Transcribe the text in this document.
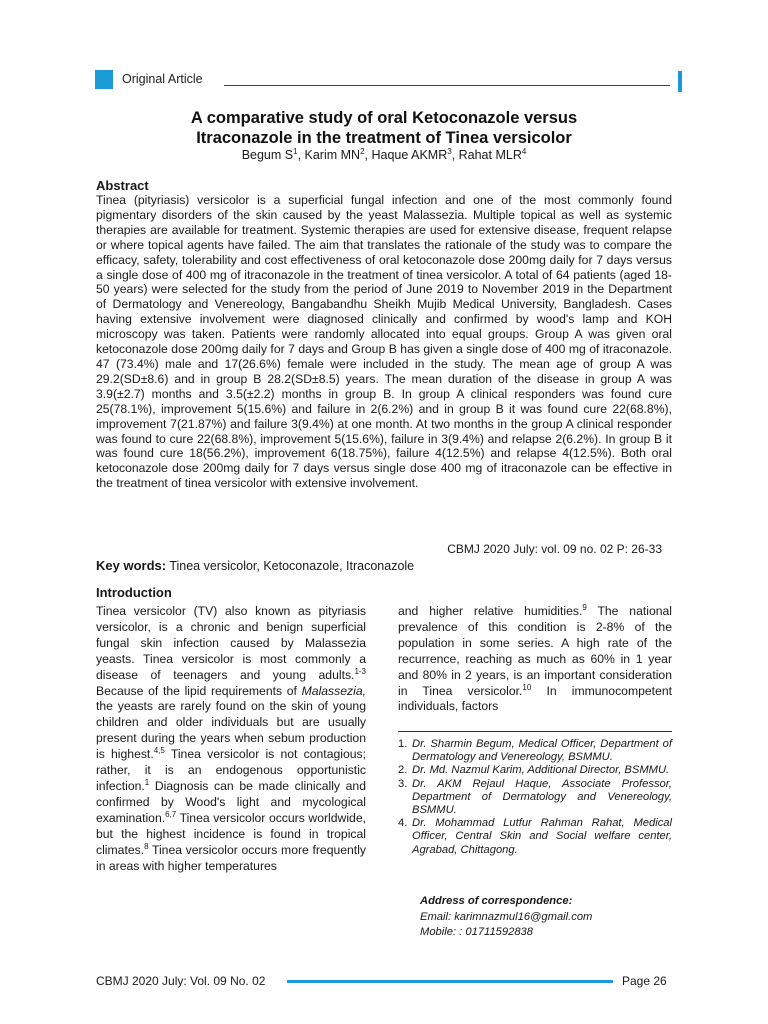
Original Article
A comparative study of oral Ketoconazole versus
Itraconazole in the treatment of Tinea versicolor
Begum $S^1$, Karim $MN^2$, Haque AKMR$^3$, Rahat MLR$^4$
Abstract
Tinea (pityriasis) versicolor is a superficial fungal infection and one of the most commonly found pigmentary disorders of the skin caused by the yeast Malassezia. Multiple topical as well as systemic therapies are available for treatment. Systemic therapies are used for extensive disease, frequent relapse or where topical agents have failed. The aim that translates the rationale of the study was to compare the efficacy, safety, tolerability and cost effectiveness of oral ketoconazole dose 200mg daily for 7 days versus a single dose of 400 mg of itraconazole in the treatment of tinea versicolor. A total of 64 patients (aged 18-50 years) were selected for the study from the period of June 2019 to November 2019 in the Department of Dermatology and Venereology, Bangabandhu Sheikh Mujib Medical University, Bangladesh. Cases having extensive involvement were diagnosed clinically and confirmed by wood's lamp and KOH microscopy was taken. Patients were randomly allocated into equal groups. Group A was given oral ketoconazole dose 200mg daily for 7 days and Group B has given a single dose of 400 mg of itraconazole. 47 (73.4%) male and 17(26.6%) female were included in the study. The mean age of group A was 29.2(SD±8.6) and in group B 28.2(SD±8.5) years. The mean duration of the disease in group A was 3.9(±2.7) months and 3.5(±2.2) months in group B. In group A clinical responders was found cure 25(78.1%), improvement 5(15.6%) and failure in 2(6.2%) and in group B it was found cure 22(68.8%), improvement 7(21.87%) and failure 3(9.4%) at one month. At two months in the group A clinical responder was found to cure 22(68.8%), improvement 5(15.6%), failure in 3(9.4%) and relapse 2(6.2%). In group B it was found cure 18(56.2%), improvement 6(18.75%), failure 4(12.5%) and relapse 4(12.5%). Both oral ketoconazole dose 200mg daily for 7 days versus single dose 400 mg of itraconazole can be effective in the treatment of tinea versicolor with extensive involvement.
CBMJ 2020 July: vol. 09 no. 02 P: 26-33
Key words: Tinea versicolor, Ketoconazole, Itraconazole
Introduction
Tinea versicolor (TV) also known as pityriasis versicolor, is a chronic and benign superficial fungal skin infection caused by Malassezia yeasts. Tinea versicolor is most commonly a disease of teenagers and young adults.$^{1-3}$ Because of the lipid requirements of Malassezia, the yeasts are rarely found on the skin of young children and older individuals but are usually present during the years when sebum production is highest.$^{4,5}$ Tinea versicolor is not contagious; rather, it is an endogenous opportunistic infection.$^1$ Diagnosis can be made clinically and confirmed by Wood's light and mycological examination.$^{6,7}$ Tinea versicolor occurs worldwide, but the highest incidence is found in tropical climates.$^8$ Tinea versicolor occurs more frequently in areas with higher temperatures
and higher relative humidities.$^9$ The national prevalence of this condition is 2-8% of the population in some series. A high rate of the recurrence, reaching as much as 60% in 1 year and 80% in 2 years, is an important consideration in Tinea versicolor.$^{10}$ In immunocompetent individuals, factors
1. Dr. Sharmin Begum, Medical Officer, Department of Dermatology and Venereology, BSMMU.
2. Dr. Md. Nazmul Karim, Additional Director, BSMMU.
3. Dr. AKM Rejaul Haque, Associate Professor, Department of Dermatology and Venereology, BSMMU.
4. Dr. Mohammad Lutfur Rahman Rahat, Medical Officer, Central Skin and Social welfare center, Agrabad, Chittagong.
Address of correspondence:
Email: karimnazmul16@gmail.com
Mobile: : 01711592838
CBMJ 2020 July: Vol. 09 No. 02	Page 26
